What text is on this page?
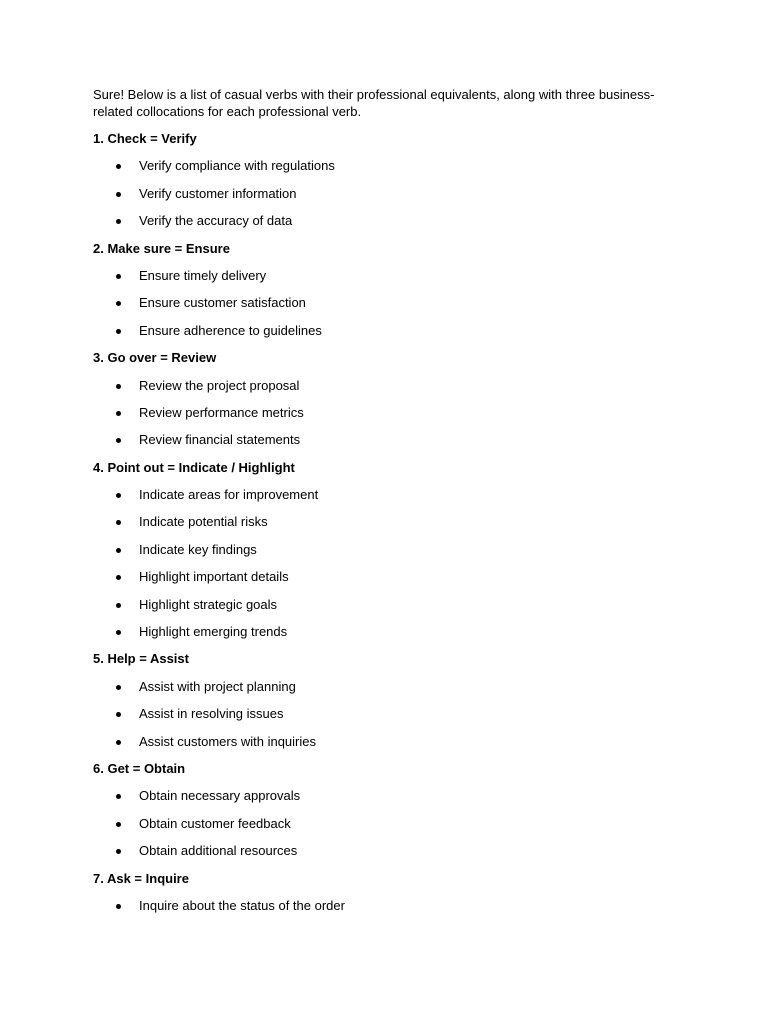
Sure! Below is a list of casual verbs with their professional equivalents, along with three business-related collocations for each professional verb.

1. Check = Verify
Verify compliance with regulations
Verify customer information
Verify the accuracy of data
2. Make sure = Ensure
Ensure timely delivery
Ensure customer satisfaction
Ensure adherence to guidelines
3. Go over = Review
Review the project proposal
Review performance metrics
Review financial statements
4. Point out = Indicate / Highlight
Indicate areas for improvement
Indicate potential risks
Indicate key findings
Highlight important details
Highlight strategic goals
Highlight emerging trends
5. Help = Assist
Assist with project planning
Assist in resolving issues
Assist customers with inquiries
6. Get = Obtain
Obtain necessary approvals
Obtain customer feedback
Obtain additional resources
7. Ask = Inquire
Inquire about the status of the order
